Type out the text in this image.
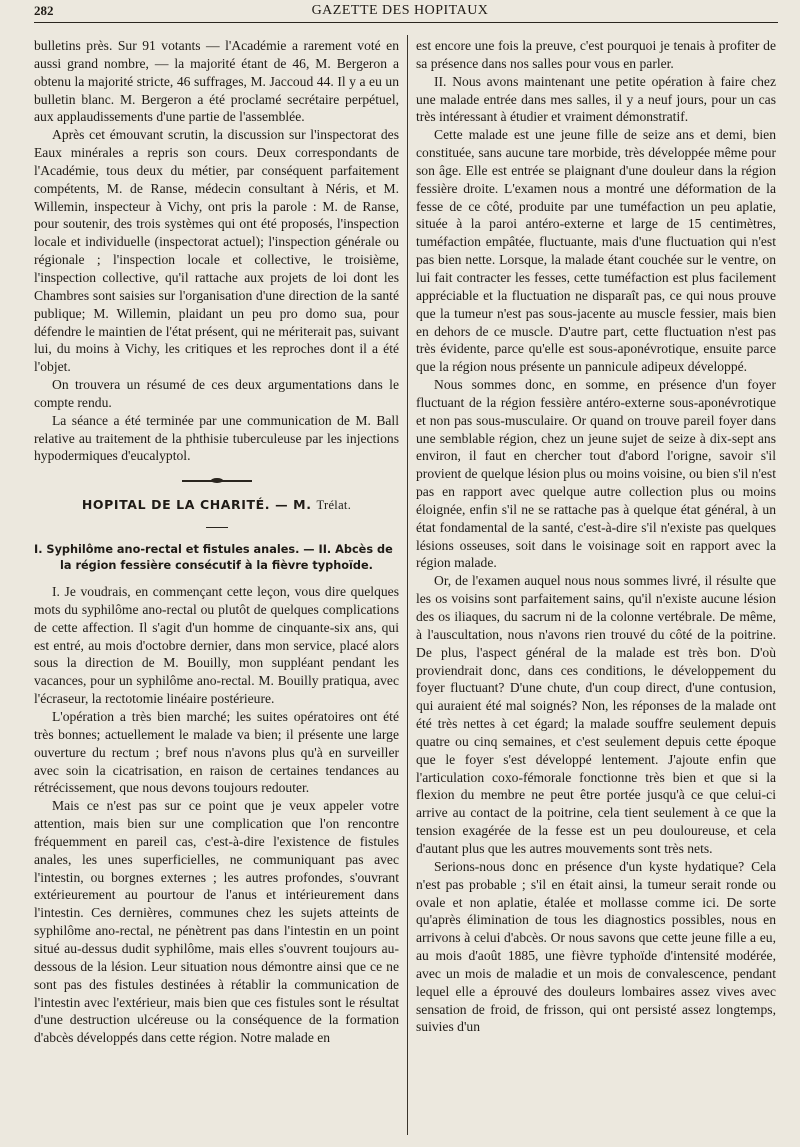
282	GAZETTE DES HOPITAUX

bulletins près. Sur 91 votants — l'Académie a rarement voté en aussi grand nombre, — la majorité étant de 46, M. Bergeron a obtenu la majorité stricte, 46 suffrages, M. Jaccoud 44. Il y a eu un bulletin blanc. M. Bergeron a été proclamé secrétaire perpétuel, aux applaudissements d'une partie de l'assemblée.

Après cet émouvant scrutin, la discussion sur l'inspectorat des Eaux minérales a repris son cours. Deux correspondants de l'Académie, tous deux du métier, par conséquent parfaitement compétents, M. de Ranse, médecin consultant à Néris, et M. Willemin, inspecteur à Vichy, ont pris la parole : M. de Ranse, pour soutenir, des trois systèmes qui ont été proposés, l'inspection locale et individuelle (inspectorat actuel); l'inspection générale ou régionale ; l'inspection locale et collective, le troisième, l'inspection collective, qu'il rattache aux projets de loi dont les Chambres sont saisies sur l'organisation d'une direction de la santé publique; M. Willemin, plaidant un peu pro domo sua, pour défendre le maintien de l'état présent, qui ne mériterait pas, suivant lui, du moins à Vichy, les critiques et les reproches dont il a été l'objet.

On trouvera un résumé de ces deux argumentations dans le compte rendu.

La séance a été terminée par une communication de M. Ball relative au traitement de la phthisie tuberculeuse par les injections hypodermiques d'eucalyptol.

HOPITAL DE LA CHARITÉ. — M. Trélat.
I. Syphilôme ano-rectal et fistules anales. — II. Abcès de
la région fessière consécutif à la fièvre typhoïde.

I. Je voudrais, en commençant cette leçon, vous dire quelques mots du syphilôme ano-rectal ou plutôt de quelques complications de cette affection. Il s'agit d'un homme de cinquante-six ans, qui est entré, au mois d'octobre dernier, dans mon service, placé alors sous la direction de M. Bouilly, mon suppléant pendant les vacances, pour un syphilôme ano-rectal. M. Bouilly pratiqua, avec l'écraseur, la rectotomie linéaire postérieure.

L'opération a très bien marché; les suites opératoires ont été très bonnes; actuellement le malade va bien; il présente une large ouverture du rectum ; bref nous n'avons plus qu'à en surveiller avec soin la cicatrisation, en raison de certaines tendances au rétrécissement, que nous devons toujours redouter.

Mais ce n'est pas sur ce point que je veux appeler votre attention, mais bien sur une complication que l'on rencontre fréquemment en pareil cas, c'est-à-dire l'existence de fistules anales, les unes superficielles, ne communiquant pas avec l'intestin, ou borgnes externes ; les autres profondes, s'ouvrant extérieurement au pourtour de l'anus et intérieurement dans l'intestin. Ces dernières, communes chez les sujets atteints de syphilôme ano-rectal, ne pénètrent pas dans l'intestin en un point situé au-dessus dudit syphilôme, mais elles s'ouvrent toujours au-dessous de la lésion. Leur situation nous démontre ainsi que ce ne sont pas des fistules destinées à rétablir la communication de l'intestin avec l'extérieur, mais bien que ces fistules sont le résultat d'une destruction ulcéreuse ou la conséquence de la formation d'abcès développés dans cette région. Notre malade en

est encore une fois la preuve, c'est pourquoi je tenais à profiter de sa présence dans nos salles pour vous en parler.

II. Nous avons maintenant une petite opération à faire chez une malade entrée dans mes salles, il y a neuf jours, pour un cas très intéressant à étudier et vraiment démonstratif.

Cette malade est une jeune fille de seize ans et demi, bien constituée, sans aucune tare morbide, très développée même pour son âge. Elle est entrée se plaignant d'une douleur dans la région fessière droite. L'examen nous a montré une déformation de la fesse de ce côté, produite par une tuméfaction un peu aplatie, située à la paroi antéro-externe et large de 15 centimètres, tuméfaction empâtée, fluctuante, mais d'une fluctuation qui n'est pas bien nette. Lorsque, la malade étant couchée sur le ventre, on lui fait contracter les fesses, cette tuméfaction est plus facilement appréciable et la fluctuation ne disparaît pas, ce qui nous prouve que la tumeur n'est pas sous-jacente au muscle fessier, mais bien en dehors de ce muscle. D'autre part, cette fluctuation n'est pas très évidente, parce qu'elle est sous-aponévrotique, ensuite parce que la région nous présente un pannicule adipeux développé.

Nous sommes donc, en somme, en présence d'un foyer fluctuant de la région fessière antéro-externe sous-aponévrotique et non pas sous-musculaire. Or quand on trouve pareil foyer dans une semblable région, chez un jeune sujet de seize à dix-sept ans environ, il faut en chercher tout d'abord l'origne, savoir s'il provient de quelque lésion plus ou moins voisine, ou bien s'il n'est pas en rapport avec quelque autre collection plus ou moins éloignée, enfin s'il ne se rattache pas à quelque état général, à un état fondamental de la santé, c'est-à-dire s'il n'existe pas quelques lésions osseuses, soit dans le voisinage soit en rapport avec la région malade.

Or, de l'examen auquel nous nous sommes livré, il résulte que les os voisins sont parfaitement sains, qu'il n'existe aucune lésion des os iliaques, du sacrum ni de la colonne vertébrale. De même, à l'auscultation, nous n'avons rien trouvé du côté de la poitrine. De plus, l'aspect général de la malade est très bon. D'où proviendrait donc, dans ces conditions, le développement du foyer fluctuant? D'une chute, d'un coup direct, d'une contusion, qui auraient été mal soignés? Non, les réponses de la malade ont été très nettes à cet égard; la malade souffre seulement depuis quatre ou cinq semaines, et c'est seulement depuis cette époque que le foyer s'est développé lentement. J'ajoute enfin que l'articulation coxo-fémorale fonctionne très bien et que si la flexion du membre ne peut être portée jusqu'à ce que celui-ci arrive au contact de la poitrine, cela tient seulement à ce que la tension exagérée de la fesse est un peu douloureuse, et cela d'autant plus que les autres mouvements sont très nets.

Serions-nous donc en présence d'un kyste hydatique? Cela n'est pas probable ; s'il en était ainsi, la tumeur serait ronde ou ovale et non aplatie, étalée et mollasse comme ici. De sorte qu'après élimination de tous les diagnostics possibles, nous en arrivons à celui d'abcès. Or nous savons que cette jeune fille a eu, au mois d'août 1885, une fièvre typhoïde d'intensité modérée, avec un mois de maladie et un mois de convalescence, pendant lequel elle a éprouvé des douleurs lombaires assez vives avec sensation de froid, de frisson, qui ont persisté assez longtemps, suivies d'un
